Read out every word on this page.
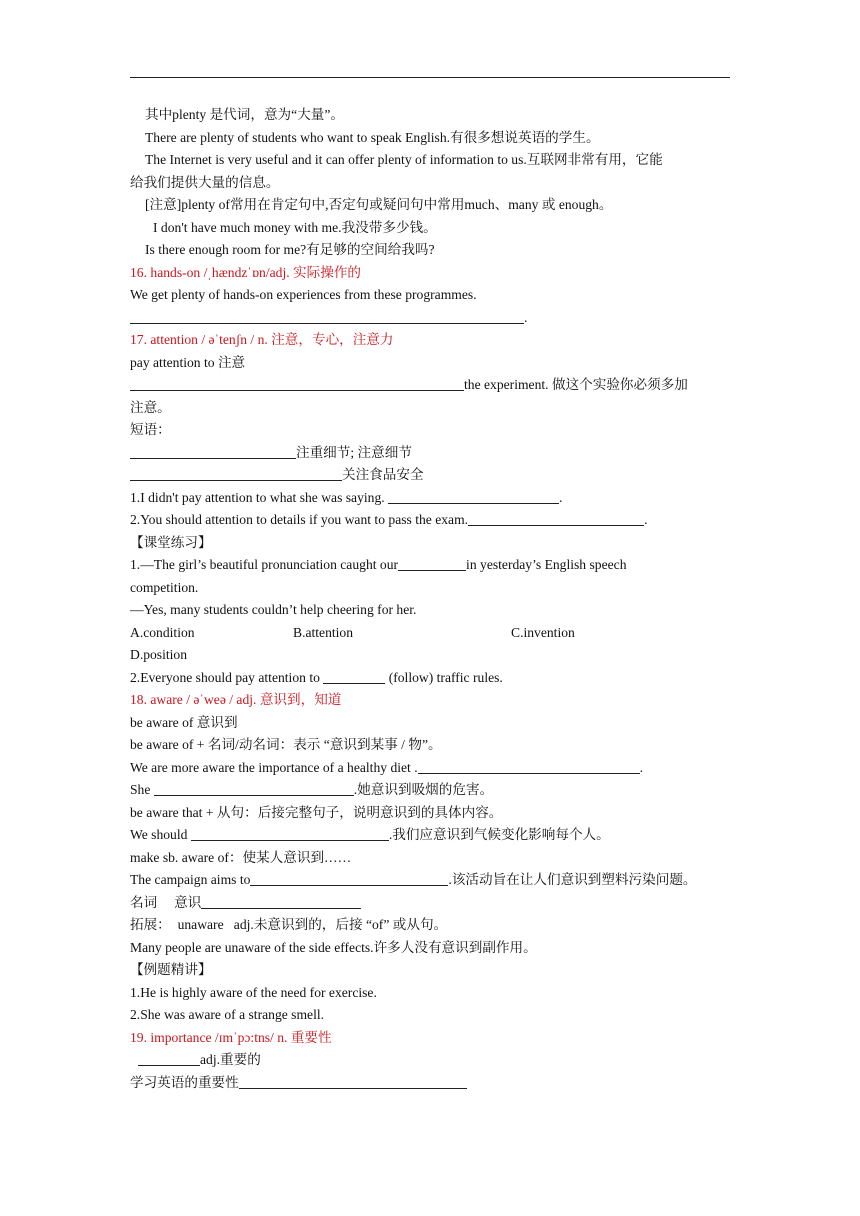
其中plenty 是代词，意为“大量”。
There are plenty of students who want to speak English.有很多想说英语的学生。
The Internet is very useful and it can offer plenty of information to us.互联网非常有用，它能
给我们提供大量的信息。
[注意]plenty of常用在肯定句中,否定句或疑问句中常用much、many 或 enough。
I don't have much money with me.我没带多少钱。
Is there enough room for me?有足够的空间给我吗?
16. hands-on /ˌhændzˈɒn/adj. 实际操作的
We get plenty of hands-on experiences from these programmes.
.
17. attention / əˈtenʃn / n. 注意，专心，注意力
pay attention to 注意
the experiment. 做这个实验你必须多加
注意。
短语：
注重细节; 注意细节
关注食品安全
1.I didn't pay attention to what she was saying.	.
2.You should attention to details if you want to pass the exam.	.
【课堂练习】
1.—The girl’s beautiful pronunciation caught our	in yesterday’s English speech
competition.
—Yes, many students couldn’t help cheering for her.
A.condition	B.attention	C.invention
D.position
2.Everyone should pay attention to	(follow) traffic rules.
18. aware / əˈweə / adj. 意识到，知道
be aware of 意识到
be aware of + 名词/动名词：表示 “意识到某事 / 物”。
We are more aware the importance of a healthy diet .	.
She	.她意识到吸烟的危害。
be aware that + 从句：后接完整句子，说明意识到的具体内容。
We should	.我们应意识到气候变化影响每个人。
make sb. aware of：使某人意识到……
The campaign aims to	.该活动旨在让人们意识到塑料污染问题。
名词     意识
拓展：  unaware   adj.未意识到的，后接 “of” 或从句。
Many people are unaware of the side effects.许多人没有意识到副作用。
【例题精讲】
1.He is highly aware of the need for exercise.
2.She was aware of a strange smell.
19. importance /ɪmˈpɔ:tns/ n. 重要性
adj.重要的
学习英语的重要性
